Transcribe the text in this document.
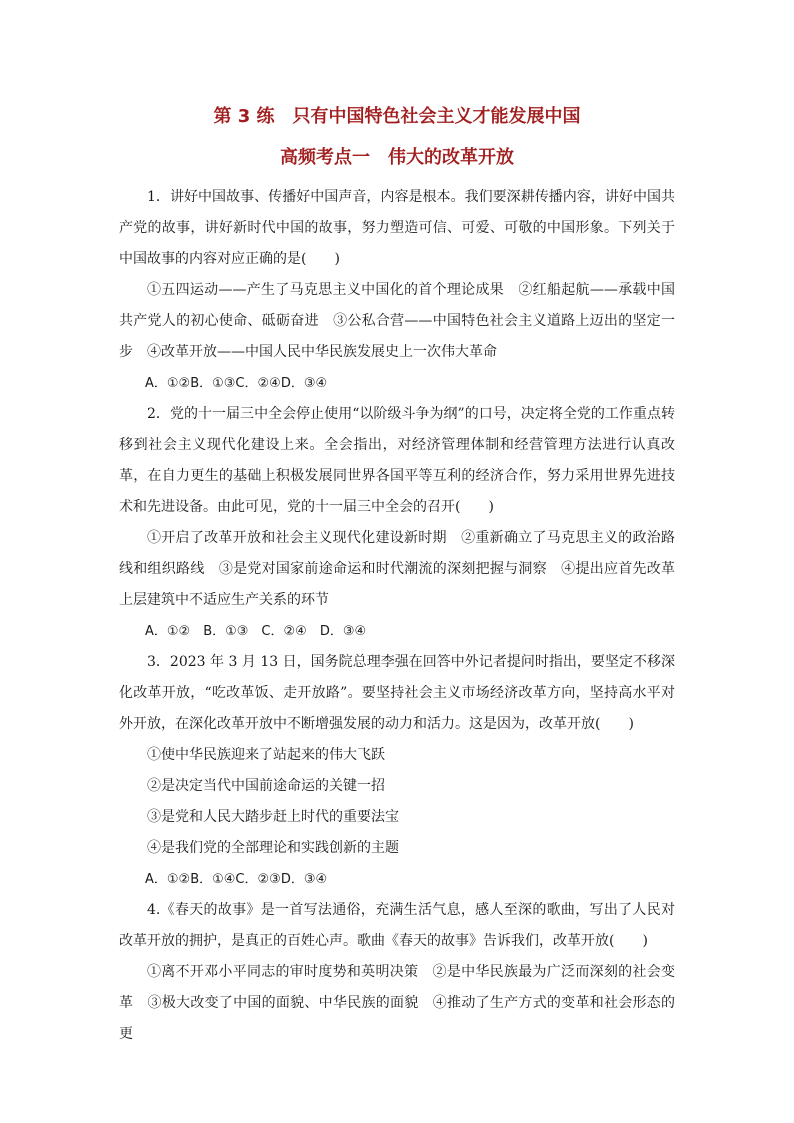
第 3 练　只有中国特色社会主义才能发展中国
高频考点一　伟大的改革开放

1．讲好中国故事、传播好中国声音，内容是根本。我们要深耕传播内容，讲好中国共产党的故事，讲好新时代中国的故事，努力塑造可信、可爱、可敬的中国形象。下列关于中国故事的内容对应正确的是(　　)

①五四运动——产生了马克思主义中国化的首个理论成果 ②红船起航——承载中国共产党人的初心使命、砥砺奋进 ③公私合营——中国特色社会主义道路上迈出的坚定一步 ④改革开放——中国人民中华民族发展史上一次伟大革命

A．①②B．①③C．②④D．③④

2．党的十一届三中全会停止使用“以阶级斗争为纲”的口号，决定将全党的工作重点转移到社会主义现代化建设上来。全会指出，对经济管理体制和经营管理方法进行认真改革，在自力更生的基础上积极发展同世界各国平等互利的经济合作，努力采用世界先进技术和先进设备。由此可见，党的十一届三中全会的召开(　　)

①开启了改革开放和社会主义现代化建设新时期 ②重新确立了马克思主义的政治路线和组织路线 ③是党对国家前途命运和时代潮流的深刻把握与洞察 ④提出应首先改革上层建筑中不适应生产关系的环节

A．①②　B．①③　C．②④　D．③④

3．2023 年 3 月 13 日，国务院总理李强在回答中外记者提问时指出，要坚定不移深化改革开放，“吃改革饭、走开放路”。要坚持社会主义市场经济改革方向，坚持高水平对外开放，在深化改革开放中不断增强发展的动力和活力。这是因为，改革开放(　　)

①使中华民族迎来了站起来的伟大飞跃

②是决定当代中国前途命运的关键一招

③是党和人民大踏步赶上时代的重要法宝

④是我们党的全部理论和实践创新的主题

A．①②B．①④C．②③D．③④

4.《春天的故事》是一首写法通俗，充满生活气息，感人至深的歌曲，写出了人民对改革开放的拥护，是真正的百姓心声。歌曲《春天的故事》告诉我们，改革开放(　　)

①离不开邓小平同志的审时度势和英明决策 ②是中华民族最为广泛而深刻的社会变革 ③极大改变了中国的面貌、中华民族的面貌 ④推动了生产方式的变革和社会形态的更
